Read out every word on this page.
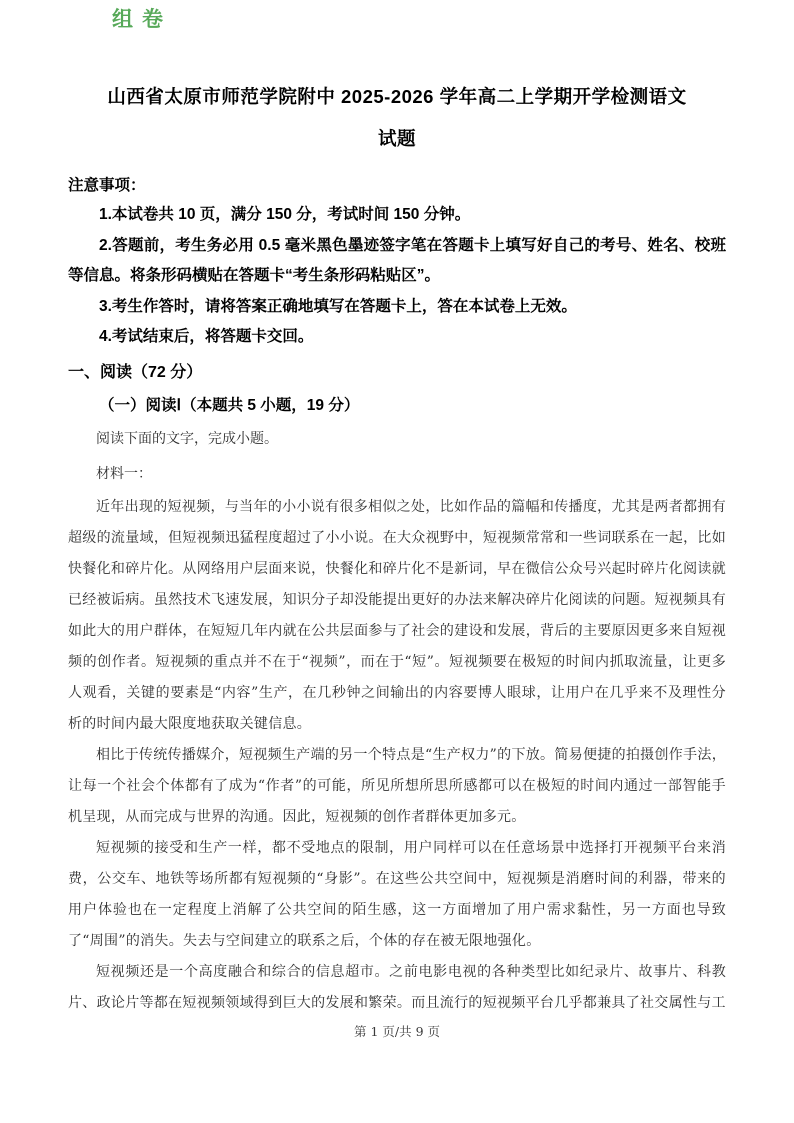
组卷
山西省太原市师范学院附中 2025-2026 学年高二上学期开学检测语文
试题

注意事项：

1.本试卷共 10 页，满分 150 分，考试时间 150 分钟。

2.答题前，考生务必用 0.5 毫米黑色墨迹签字笔在答题卡上填写好自己的考号、姓名、校班等信息。将条形码横贴在答题卡“考生条形码粘贴区”。

3.考生作答时，请将答案正确地填写在答题卡上，答在本试卷上无效。

4.考试结束后，将答题卡交回。

一、阅读（72 分）
（一）阅读Ⅰ（本题共 5 小题，19 分）

阅读下面的文字，完成小题。

材料一：

近年出现的短视频，与当年的小小说有很多相似之处，比如作品的篇幅和传播度，尤其是两者都拥有超级的流量域，但短视频迅猛程度超过了小小说。在大众视野中，短视频常常和一些词联系在一起，比如快餐化和碎片化。从网络用户层面来说，快餐化和碎片化不是新词，早在微信公众号兴起时碎片化阅读就已经被诟病。虽然技术飞速发展，知识分子却没能提出更好的办法来解决碎片化阅读的问题。短视频具有如此大的用户群体，在短短几年内就在公共层面参与了社会的建设和发展，背后的主要原因更多来自短视频的创作者。短视频的重点并不在于“视频”，而在于“短”。短视频要在极短的时间内抓取流量，让更多人观看，关键的要素是“内容”生产，在几秒钟之间输出的内容要博人眼球，让用户在几乎来不及理性分析的时间内最大限度地获取关键信息。

相比于传统传播媒介，短视频生产端的另一个特点是“生产权力”的下放。简易便捷的拍摄创作手法，让每一个社会个体都有了成为“作者”的可能，所见所想所思所感都可以在极短的时间内通过一部智能手机呈现，从而完成与世界的沟通。因此，短视频的创作者群体更加多元。

短视频的接受和生产一样，都不受地点的限制，用户同样可以在任意场景中选择打开视频平台来消费，公交车、地铁等场所都有短视频的“身影”。在这些公共空间中，短视频是消磨时间的利器，带来的用户体验也在一定程度上消解了公共空间的陌生感，这一方面增加了用户需求黏性，另一方面也导致了“周围”的消失。失去与空间建立的联系之后，个体的存在被无限地强化。

短视频还是一个高度融合和综合的信息超市。之前电影电视的各种类型比如纪录片、故事片、科教片、政论片等都在短视频领域得到巨大的发展和繁荣。而且流行的短视频平台几乎都兼具了社交属性与工

第 1 页/共 9 页
